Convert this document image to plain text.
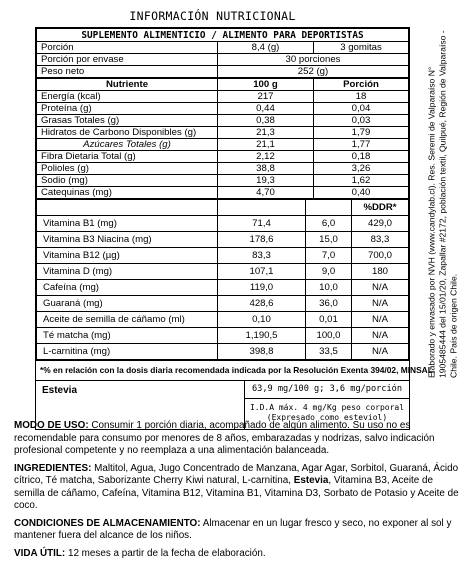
INFORMACIÓN NUTRICIONAL
SUPLEMENTO ALIMENTICIO / ALIMENTO PARA DEPORTISTAS		
Porción	8,4 (g)	3 gomitas
Porción por envase	30 porciones	
Peso neto	252 (g)	
Nutriente	100 g	Porción
Energía (kcal)	217	18
Proteína (g)	0,44	0,04
Grasas Totales (g)	0,38	0,03
Hidratos de Carbono Disponibles (g)	21,3	1,79
Azúcares Totales (g)	21,1	1,77
Fibra Dietaria Total (g)	2,12	0,18
Polioles (g)	38,8	3,26
Sodio (mg)	19,3	1,62
Catequinas (mg)	4,70	0,40
			%DDR*
Vitamina B1 (mg)	71,4	6,0	429,0
Vitamina B3 Niacina (mg)	178,6	15,0	83,3
Vitamina B12 (µg)	83,3	7,0	700,0
Vitamina D (mg)	107,1	9,0	180
Cafeína (mg)	119,0	10,0	N/A
Guaraná (mg)	428,6	36,0	N/A
Aceite de semilla de cáñamo (ml)	0,10	0,01	N/A
Té matcha (mg)	1,190,5	100,0	N/A
L-carnitina (mg)	398,8	33,5	N/A
*% en relación con la dosis diaria recomendada indicada por la Resolución Exenta 394/02, MINSAL.
Estevia	63,9 mg/100 g; 3,6 mg/porción
I.D.A máx. 4 mg/Kg peso corporal
(Expresado como esteviol)
Elaborado y envasado por NVH (www.candylab.cl). Res. Seremi de Valparaíso N° 1905485444 del 15/01/20, Zapallar #2172, población textil, Quilpué, Región de Valparaíso - Chile. País de origen Chile.

MODO DE USO: Consumir 1 porción diaria, acompañado de algún alimento. Su uso no es recomendable para consumo por menores de 8 años, embarazadas y nodrizas, salvo indicación profesional competente y no reemplaza a una alimentación balanceada.

INGREDIENTES: Maltitol, Agua, Jugo Concentrado de Manzana, Agar Agar, Sorbitol, Guaraná, Ácido cítrico, Té matcha, Saborizante Cherry Kiwi natural, L-carnitina, Estevia, Vitamina B3, Aceite de semilla de cáñamo, Cafeína, Vitamina B12, Vitamina B1, Vitamina D3, Sorbato de Potasio y Aceite de coco.

CONDICIONES DE ALMACENAMIENTO: Almacenar en un lugar fresco y seco, no exponer al sol y mantener fuera del alcance de los niños.

VIDA ÚTIL: 12 meses a partir de la fecha de elaboración.
